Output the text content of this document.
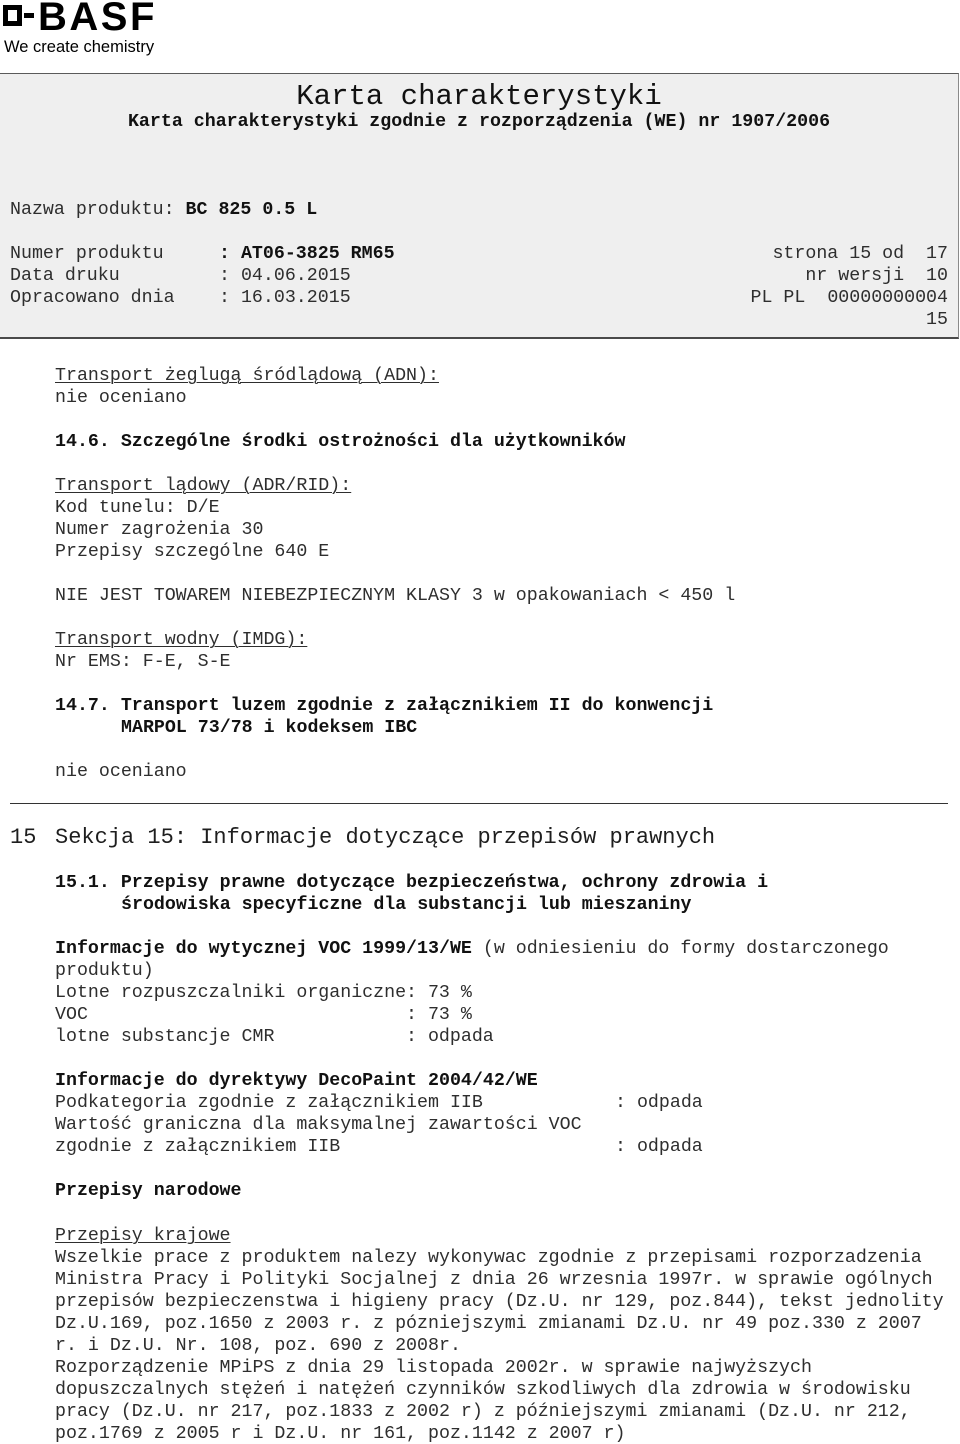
BASF
We create chemistry
Karta charakterystyki
Karta charakterystyki zgodnie z rozporządzenia (WE) nr 1907/2006
Nazwa produktu: BC 825 0.5 L
Numer produktu	: AT06-3825 RM65
Data druku	: 04.06.2015
Opracowano dnia : 16.03.2015
strona 15 od 17
nr wersji 10
PL PL 00000000004
15
Transport żeglugą śródlądową (ADN):
nie oceniano
14.6. Szczególne środki ostrożności dla użytkowników
Transport lądowy (ADR/RID):
Kod tunelu: D/E
Numer zagrożenia 30
Przepisy szczególne 640 E
NIE JEST TOWAREM NIEBEZPIECZNYM KLASY 3 w opakowaniach < 450 l
Transport wodny (IMDG):
Nr EMS: F-E, S-E
14.7. Transport luzem zgodnie z załącznikiem II do konwencji
MARPOL 73/78 i kodeksem IBC
nie oceniano
15 Sekcja 15: Informacje dotyczące przepisów prawnych
15.1. Przepisy prawne dotyczące bezpieczeństwa, ochrony zdrowia i
środowiska specyficzne dla substancji lub mieszaniny
Informacje do wytycznej VOC 1999/13/WE (w odniesieniu do formy dostarczonego
produktu)
Lotne rozpuszczalniki organiczne : 73 %
VOC	: 73 %
lotne substancje CMR	: odpada
Informacje do dyrektywy DecoPaint 2004/42/WE
Podkategoria zgodnie z załącznikiem IIB	: odpada
Wartość graniczna dla maksymalnej zawartości VOC
zgodnie z załącznikiem IIB	: odpada
Przepisy narodowe
Przepisy krajowe
Wszelkie prace z produktem nalezy wykonywac zgodnie z przepisami rozporzadzenia
Ministra Pracy i Polityki Socjalnej z dnia 26 wrzesnia 1997r. w sprawie ogólnych
przepisów bezpieczenstwa i higieny pracy (Dz.U. nr 129, poz.844), tekst jednolity
Dz.U.169, poz.1650 z 2003 r. z pózniejszymi zmianami Dz.U. nr 49 poz.330 z 2007
r. i Dz.U. Nr. 108, poz. 690 z 2008r.
Rozporządzenie MPiPS z dnia 29 listopada 2002r. w sprawie najwyższych
dopuszczalnych stężeń i natężeń czynników szkodliwych dla zdrowia w środowisku
pracy (Dz.U. nr 217, poz.1833 z 2002 r) z późniejszymi zmianami (Dz.U. nr 212,
poz.1769 z 2005 r i Dz.U. nr 161, poz.1142 z 2007 r)
